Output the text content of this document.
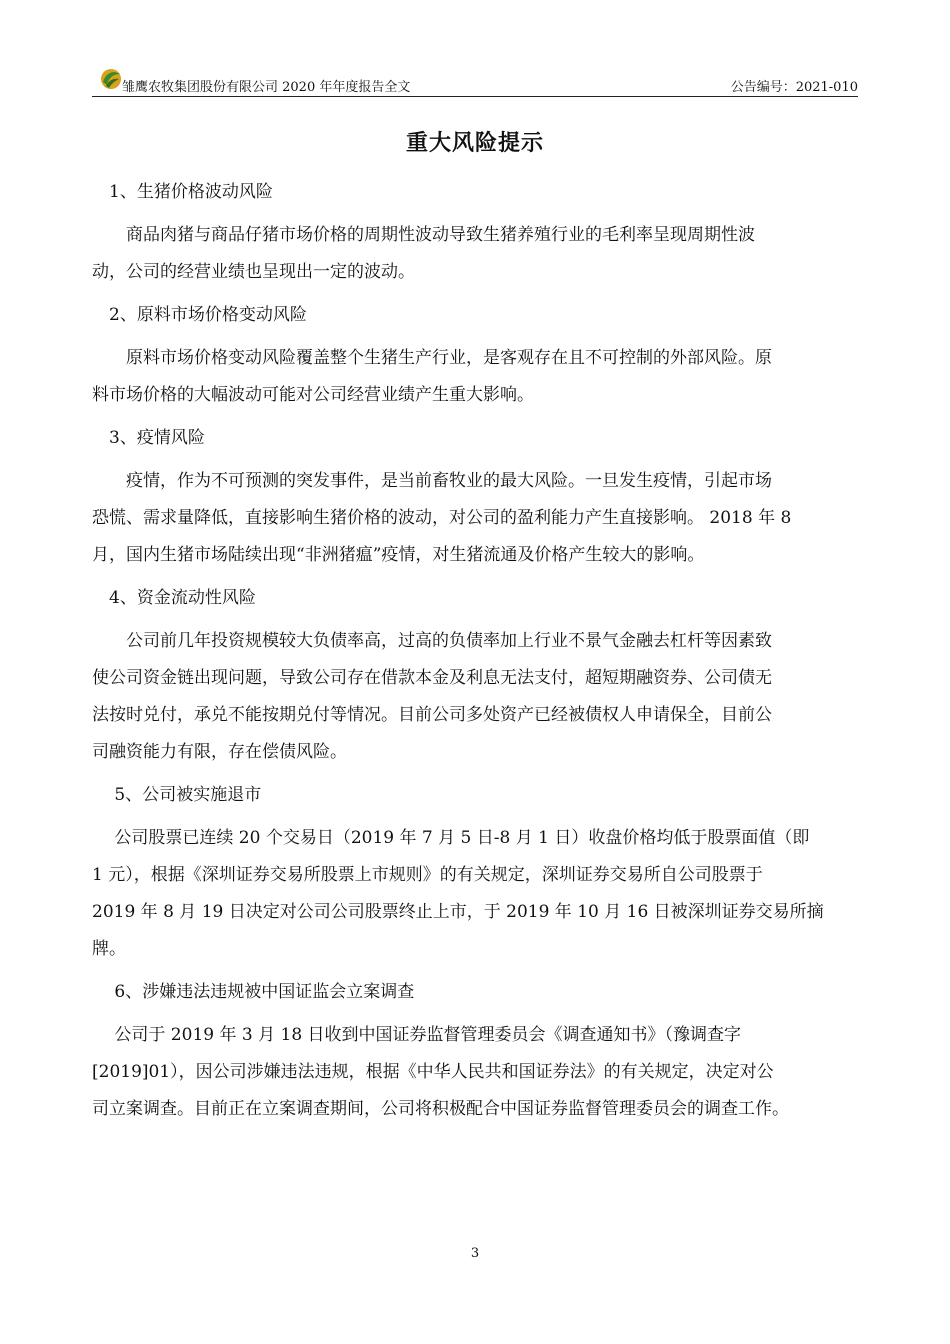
雏鹰农牧集团股份有限公司 2020 年年度报告全文	公告编号：2021-010
重大风险提示
　1、生猪价格波动风险
　　商品肉猪与商品仔猪市场价格的周期性波动导致生猪养殖行业的毛利率呈现周期性波
动，公司的经营业绩也呈现出一定的波动。
　2、原料市场价格变动风险
　　原料市场价格变动风险覆盖整个生猪生产行业，是客观存在且不可控制的外部风险。原
料市场价格的大幅波动可能对公司经营业绩产生重大影响。
　3、疫情风险
　　疫情，作为不可预测的突发事件，是当前畜牧业的最大风险。一旦发生疫情，引起市场
恐慌、需求量降低，直接影响生猪价格的波动，对公司的盈利能力产生直接影响。 2018 年 8
月，国内生猪市场陆续出现“非洲猪瘟”疫情，对生猪流通及价格产生较大的影响。
　4、资金流动性风险
　　公司前几年投资规模较大负债率高，过高的负债率加上行业不景气金融去杠杆等因素致
使公司资金链出现问题，导致公司存在借款本金及利息无法支付，超短期融资券、公司债无
法按时兑付，承兑不能按期兑付等情况。目前公司多处资产已经被债权人申请保全，目前公
司融资能力有限，存在偿债风险。
　 5、公司被实施退市
　 公司股票已连续 20 个交易日（2019 年 7 月 5 日-8 月 1 日）收盘价格均低于股票面值（即
1 元），根据《深圳证券交易所股票上市规则》的有关规定，深圳证券交易所自公司股票于
2019 年 8 月 19 日决定对公司公司股票终止上市，于 2019 年 10 月 16 日被深圳证券交易所摘
牌。
　 6、涉嫌违法违规被中国证监会立案调查
　 公司于 2019 年 3 月 18 日收到中国证券监督管理委员会《调查通知书》（豫调查字
[2019]01），因公司涉嫌违法违规，根据《中华人民共和国证券法》的有关规定，决定对公
司立案调查。目前正在立案调查期间，公司将积极配合中国证券监督管理委员会的调查工作。
3
